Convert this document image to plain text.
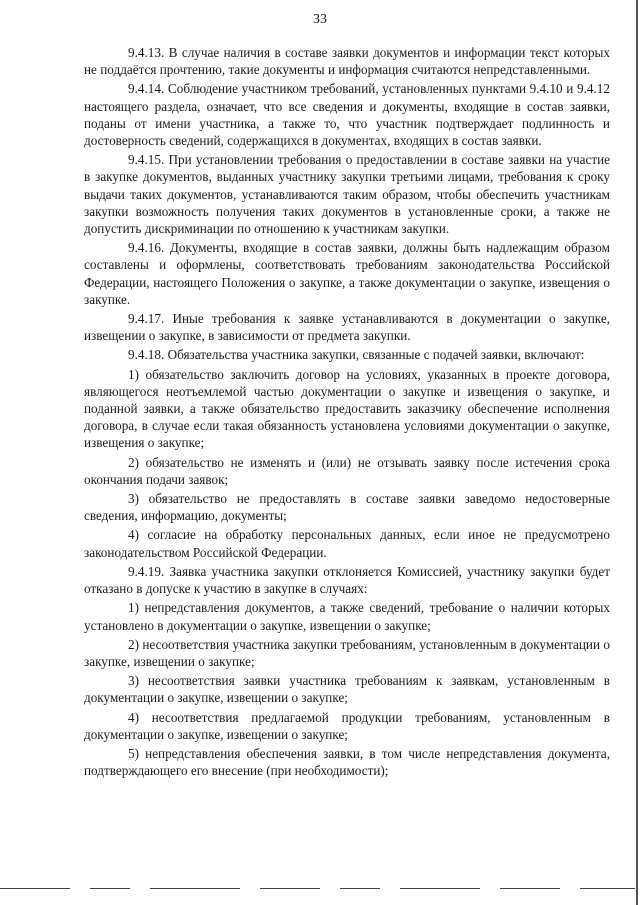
33

9.4.13. В случае наличия в составе заявки документов и информации текст которых не поддаётся прочтению, такие документы и информация считаются непредставленными.

9.4.14. Соблюдение участником требований, установленных пунктами 9.4.10 и 9.4.12 настоящего раздела, означает, что все сведения и документы, входящие в состав заявки, поданы от имени участника, а также то, что участник подтверждает подлинность и достоверность сведений, содержащихся в документах, входящих в состав заявки.

9.4.15. При установлении требования о предоставлении в составе заявки на участие в закупке документов, выданных участнику закупки третьими лицами, требования к сроку выдачи таких документов, устанавливаются таким образом, чтобы обеспечить участникам закупки возможность получения таких документов в установленные сроки, а также не допустить дискриминации по отношению к участникам закупки.

9.4.16. Документы, входящие в состав заявки, должны быть надлежащим образом составлены и оформлены, соответствовать требованиям законодательства Российской Федерации, настоящего Положения о закупке, а также документации о закупке, извещения о закупке.

9.4.17. Иные требования к заявке устанавливаются в документации о закупке, извещении о закупке, в зависимости от предмета закупки.

9.4.18. Обязательства участника закупки, связанные с подачей заявки, включают:

1) обязательство заключить договор на условиях, указанных в проекте договора, являющегося неотъемлемой частью документации о закупке и извещения о закупке, и поданной заявки, а также обязательство предоставить заказчику обеспечение исполнения договора, в случае если такая обязанность установлена условиями документации о закупке, извещения о закупке;

2) обязательство не изменять и (или) не отзывать заявку после истечения срока окончания подачи заявок;

3) обязательство не предоставлять в составе заявки заведомо недостоверные сведения, информацию, документы;

4) согласие на обработку персональных данных, если иное не предусмотрено законодательством Российской Федерации.

9.4.19. Заявка участника закупки отклоняется Комиссией, участнику закупки будет отказано в допуске к участию в закупке в случаях:

1) непредставления документов, а также сведений, требование о наличии которых установлено в документации о закупке, извещении о закупке;

2) несоответствия участника закупки требованиям, установленным в документации о закупке, извещении о закупке;

3) несоответствия заявки участника требованиям к заявкам, установленным в документации о закупке, извещении о закупке;

4) несоответствия предлагаемой продукции требованиям, установленным в документации о закупке, извещении о закупке;

5) непредставления обеспечения заявки, в том числе непредставления документа, подтверждающего его внесение (при необходимости);
